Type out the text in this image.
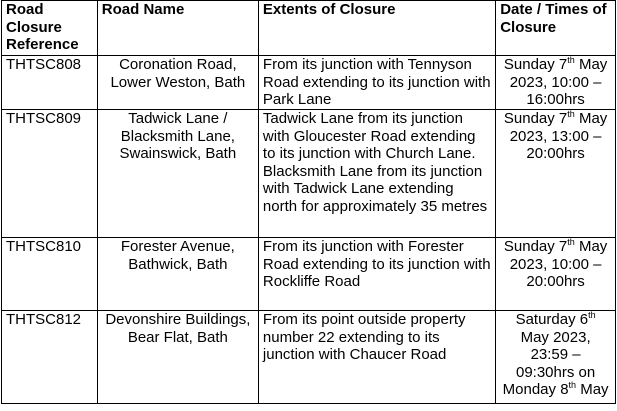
Road Closure Reference	Road Name	Extents of Closure	Date / Times of Closure
THTSC808	Coronation Road, Lower Weston, Bath	From its junction with Tennyson Road extending to its junction with Park Lane	Sunday 7th May 2023, 10:00 – 16:00hrs
THTSC809	Tadwick Lane / Blacksmith Lane, Swainswick, Bath	Tadwick Lane from its junction with Gloucester Road extending to its junction with Church Lane. Blacksmith Lane from its junction with Tadwick Lane extending north for approximately 35 metres	Sunday 7th May 2023, 13:00 – 20:00hrs
THTSC810	Forester Avenue, Bathwick, Bath	From its junction with Forester Road extending to its junction with Rockliffe Road	Sunday 7th May 2023, 10:00 – 20:00hrs
THTSC812	Devonshire Buildings, Bear Flat, Bath	From its point outside property number 22 extending to its junction with Chaucer Road	Saturday 6th May 2023, 23:59 – 09:30hrs on Monday 8th May
